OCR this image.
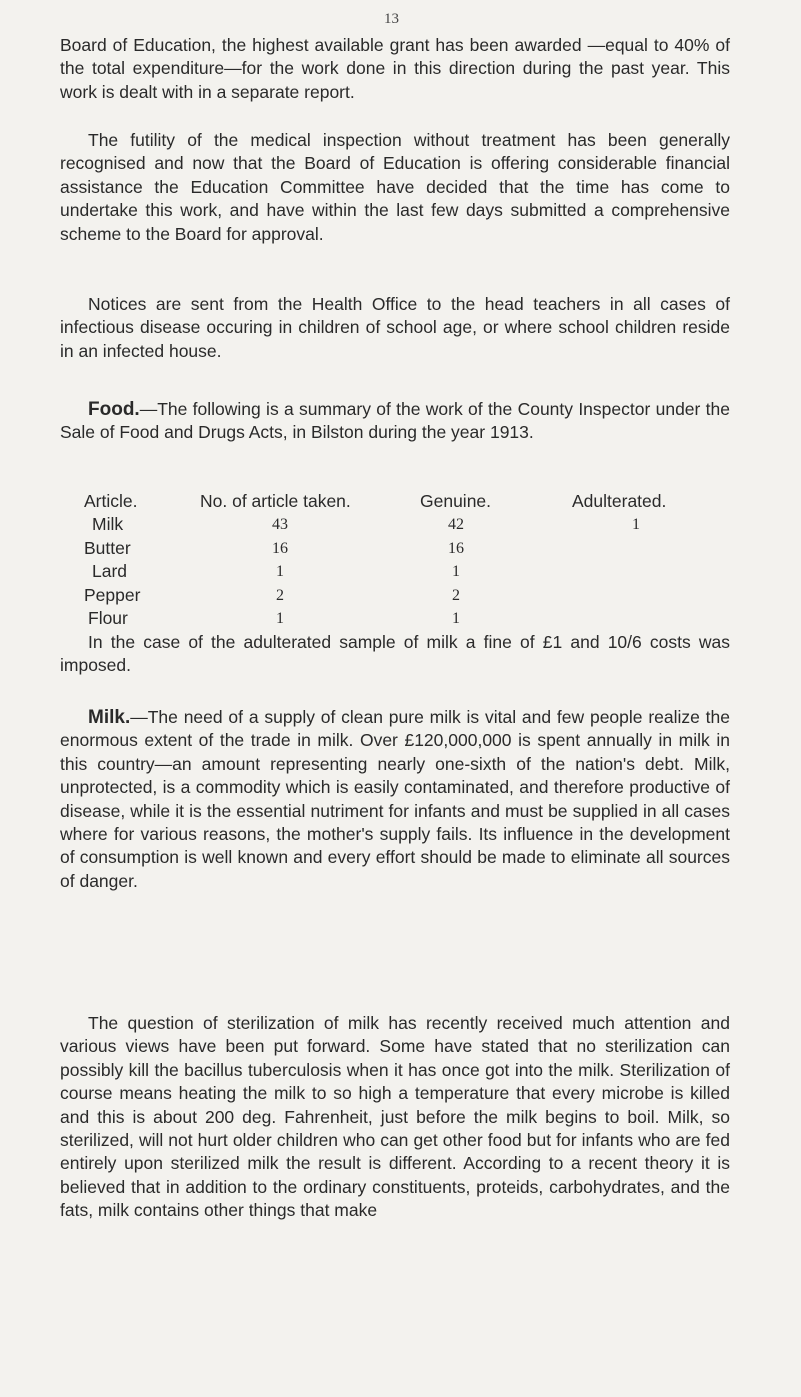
13

Board of Education, the highest available grant has been awarded —equal to 40% of the total expenditure—for the work done in this direction during the past year. This work is dealt with in a separate report.

The futility of the medical inspection without treatment has been generally recognised and now that the Board of Education is offering considerable financial assistance the Education Committee have decided that the time has come to undertake this work, and have within the last few days submitted a comprehensive scheme to the Board for approval.

Notices are sent from the Health Office to the head teachers in all cases of infectious disease occuring in children of school age, or where school children reside in an infected house.

Food.—The following is a summary of the work of the County Inspector under the Sale of Food and Drugs Acts, in Bilston during the year 1913.

Article.	No. of article taken.	Genuine.	Adulterated.
Milk	43	42	1
Butter	16	16
Lard	1	1
Pepper	2	2
Flour	1	1

In the case of the adulterated sample of milk a fine of £1 and 10/6 costs was imposed.

Milk.—The need of a supply of clean pure milk is vital and few people realize the enormous extent of the trade in milk. Over £120,000,000 is spent annually in milk in this country—an amount representing nearly one-sixth of the nation's debt. Milk, unprotected, is a commodity which is easily contaminated, and therefore productive of disease, while it is the essential nutriment for infants and must be supplied in all cases where for various reasons, the mother's supply fails. Its influence in the development of consumption is well known and every effort should be made to eliminate all sources of danger.

The question of sterilization of milk has recently received much attention and various views have been put forward. Some have stated that no sterilization can possibly kill the bacillus tuberculosis when it has once got into the milk. Sterilization of course means heating the milk to so high a temperature that every microbe is killed and this is about 200 deg. Fahrenheit, just before the milk begins to boil. Milk, so sterilized, will not hurt older children who can get other food but for infants who are fed entirely upon sterilized milk the result is different. According to a recent theory it is believed that in addition to the ordinary constituents, proteids, carbohydrates, and the fats, milk contains other things that make
